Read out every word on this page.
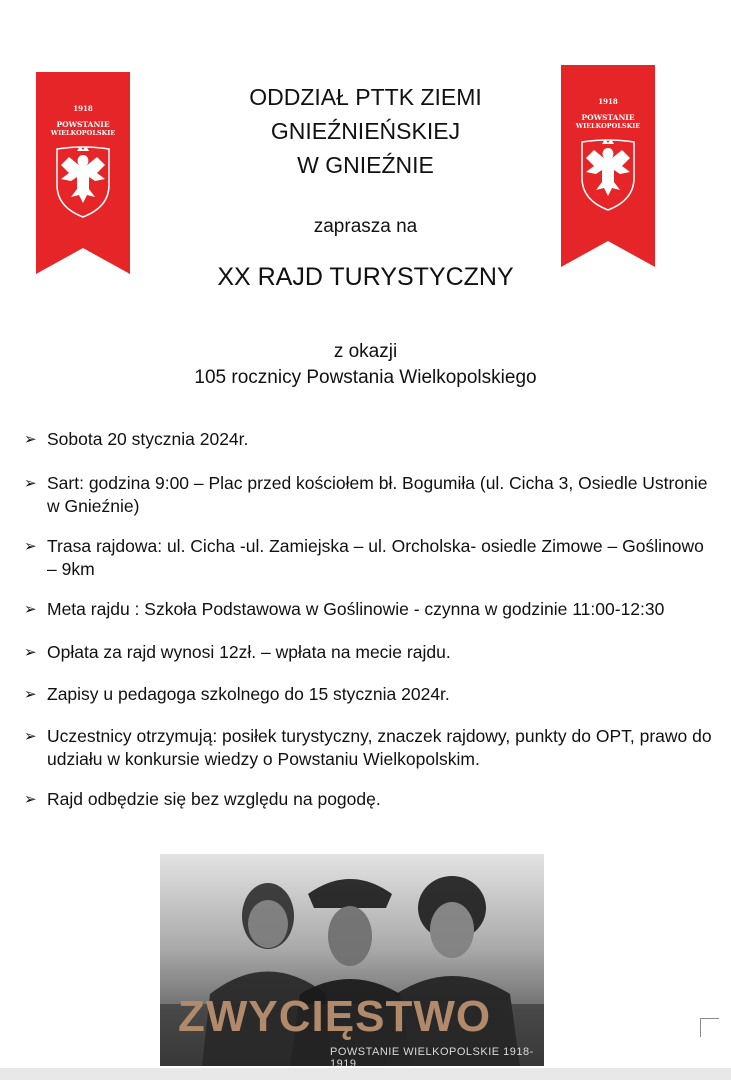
1918
POWSTANIE
WIELKOPOLSKIE
1918
POWSTANIE
WIELKOPOLSKIE
ODDZIAŁ PTTK ZIEMI
GNIEŹNIEŃSKIEJ
W GNIEŹNIE
zaprasza na
XX RAJD TURYSTYCZNY
z okazji
105 rocznicy Powstania Wielkopolskiego
➢ Sobota 20 stycznia 2024r.
➢ Sart: godzina 9:00 – Plac przed kościołem bł. Bogumiła (ul. Cicha 3, Osiedle Ustronie w Gnieźnie)
➢ Trasa rajdowa: ul. Cicha -ul. Zamiejska – ul. Orcholska- osiedle Zimowe – Goślinowo – 9km
➢ Meta rajdu : Szkoła Podstawowa w Goślinowie - czynna w godzinie 11:00-12:30
➢ Opłata za rajd wynosi 12zł. – wpłata na mecie rajdu.
➢ Zapisy u pedagoga szkolnego do 15 stycznia 2024r.
➢ Uczestnicy otrzymują: posiłek turystyczny, znaczek rajdowy, punkty do OPT, prawo do udziału w konkursie wiedzy o Powstaniu Wielkopolskim.
➢ Rajd odbędzie się bez względu na pogodę.
ZWYCIĘSTWO
POWSTANIE WIELKOPOLSKIE 1918-1919
